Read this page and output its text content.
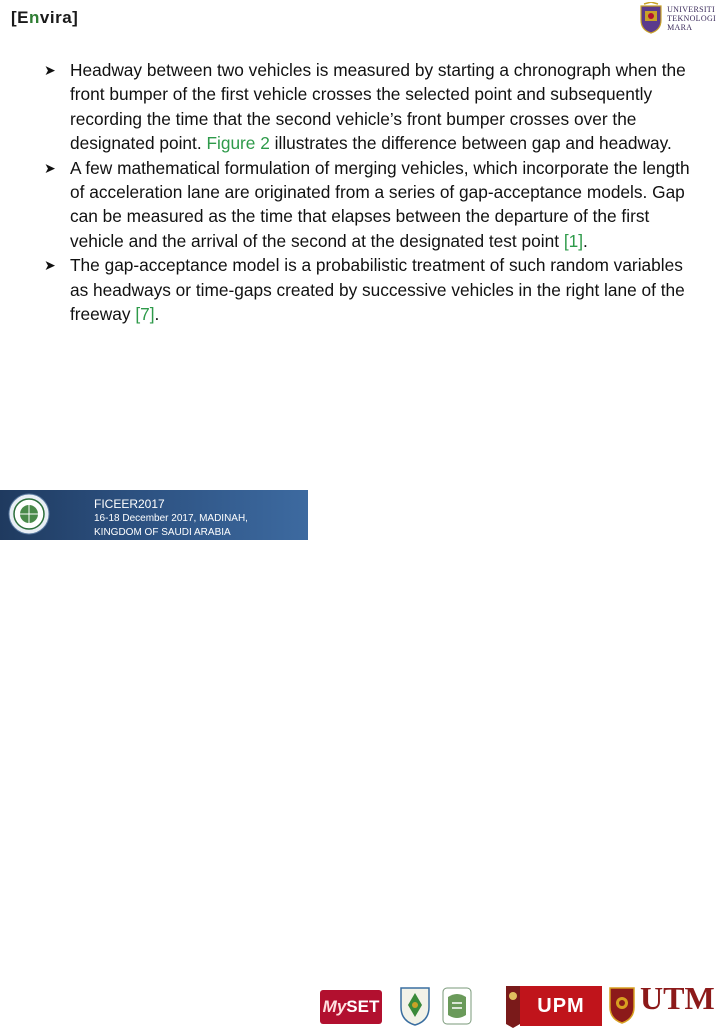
[Envira]	UNIVERSITI
TEKNOLOGI
MARA

➤ Headway between two vehicles is measured by starting a chronograph when the front bumper of the first vehicle crosses the selected point and subsequently recording the time that the second vehicle’s front bumper crosses over the designated point. Figure 2 illustrates the difference between gap and headway.

➤ A few mathematical formulation of merging vehicles, which incorporate the length of acceleration lane are originated from a series of gap-acceptance models. Gap can be measured as the time that elapses between the departure of the first vehicle and the arrival of the second at the designated test point [1].

➤ The gap-acceptance model is a probabilistic treatment of such random variables as headways or time-gaps created by successive vehicles in the right lane of the freeway [7].

FICEER2017
16-18 December 2017, MADINAH, KINGDOM OF SAUDI ARABIA
My SET	UPM	UTM
